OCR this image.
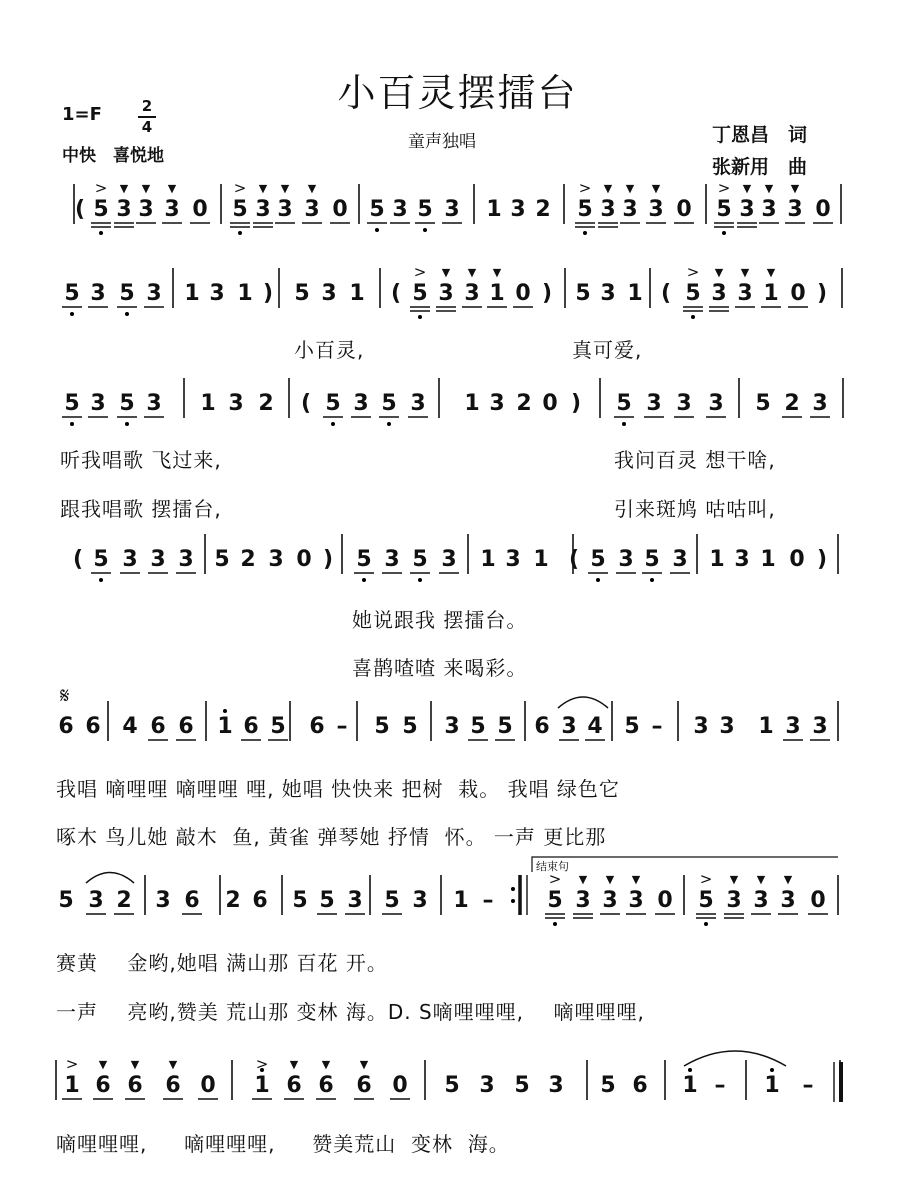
小百灵摆擂台
1=F	2
4
中快　喜悦地
童声独唱	丁恩昌　词
张新用　曲
( 5
>
3
▼
3
▼
3
▼
0 5
>
3
▼
3
▼
3
▼
0 5 3 5 3 1 3 2 5
>
3
▼
3
▼
3
▼
0 5
>
3
▼
3
▼
3
▼
0
5 3 5 3 1 3 1 ) 5 3 1 ( 5
>
3
▼
3
▼
1
▼
0 ) 5 3 1 ( 5
>
3
▼
3
▼
1
▼
0 )
5 3 5 3 1 3 2 ( 5 3 5 3 1 3 2 0 ) 5 3 3 3 5 2 3
( 5 3 3 3 5 2 3 0 ) 5 3 5 3 1 3 1 ( 5 3 5 3 1 3 1 0 )
6 6 4 6 6 1 6 5 6 – 5 5 3 5 5 6 3 4 5 – 3 3 1 3 3
5 3 2 3 6 2 6 5 5 3 5 3 1 – 5
>
3
▼
3
▼
3
▼
0 5
>
3
▼
3
▼
3
▼
0
1
>
6
▼
6
▼
6
▼
0 1
>
6
▼
6
▼
6
▼
0 5 3 5 3 5 6 1 – 1 –
小百灵,	真可爱,
听我唱歌 飞过来,	我问百灵 想干啥,
跟我唱歌 摆擂台,	引来斑鸠 咕咕叫,
她说跟我 摆擂台。
喜鹊喳喳 来喝彩。
我唱 嘀哩哩 嘀哩哩 哩, 她唱 快快来 把树  栽。 我唱 绿色它
啄木 鸟儿她 敲木  鱼, 黄雀 弹琴她 抒情  怀。 一声 更比那
赛黄    金哟,她唱 满山那 百花 开。
一声    亮哟,赞美 荒山那 变林 海。D. S嘀哩哩哩,    嘀哩哩哩,
嘀哩哩哩,     嘀哩哩哩,     赞美荒山  变林  海。
𝄋
结束句
